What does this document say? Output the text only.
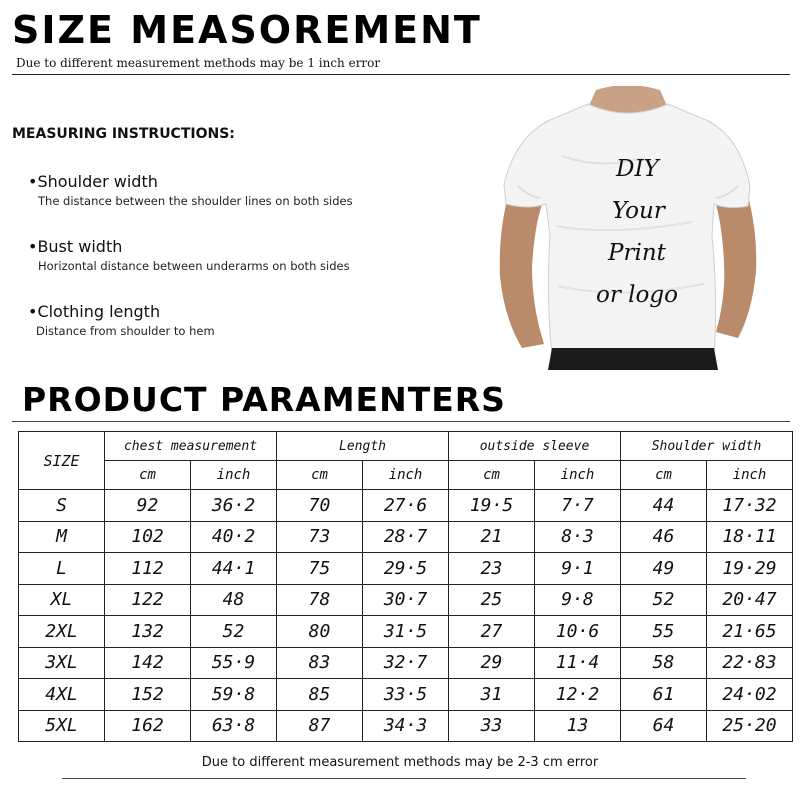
SIZE MEASOREMENT
Due to different measurement methods may be 1 inch error
MEASURING INSTRUCTIONS:
•Shoulder width
The distance between the shoulder lines on both sides
•Bust width
Horizontal distance between underarms on both sides
•Clothing length
Distance from shoulder to hem
DIY
Your
Print
or logo
PRODUCT PARAMENTERS
SIZE	chest measurement		Length		outside sleeve		Shoulder width	
	cm	inch	cm	inch	cm	inch	cm	inch
S	92	36·2	70	27·6	19·5	7·7	44	17·32
M	102	40·2	73	28·7	21	8·3	46	18·11
L	112	44·1	75	29·5	23	9·1	49	19·29
XL	122	48	78	30·7	25	9·8	52	20·47
2XL	132	52	80	31·5	27	10·6	55	21·65
3XL	142	55·9	83	32·7	29	11·4	58	22·83
4XL	152	59·8	85	33·5	31	12·2	61	24·02
5XL	162	63·8	87	34·3	33	13	64	25·20
Due to different measurement methods may be 2-3 cm error
